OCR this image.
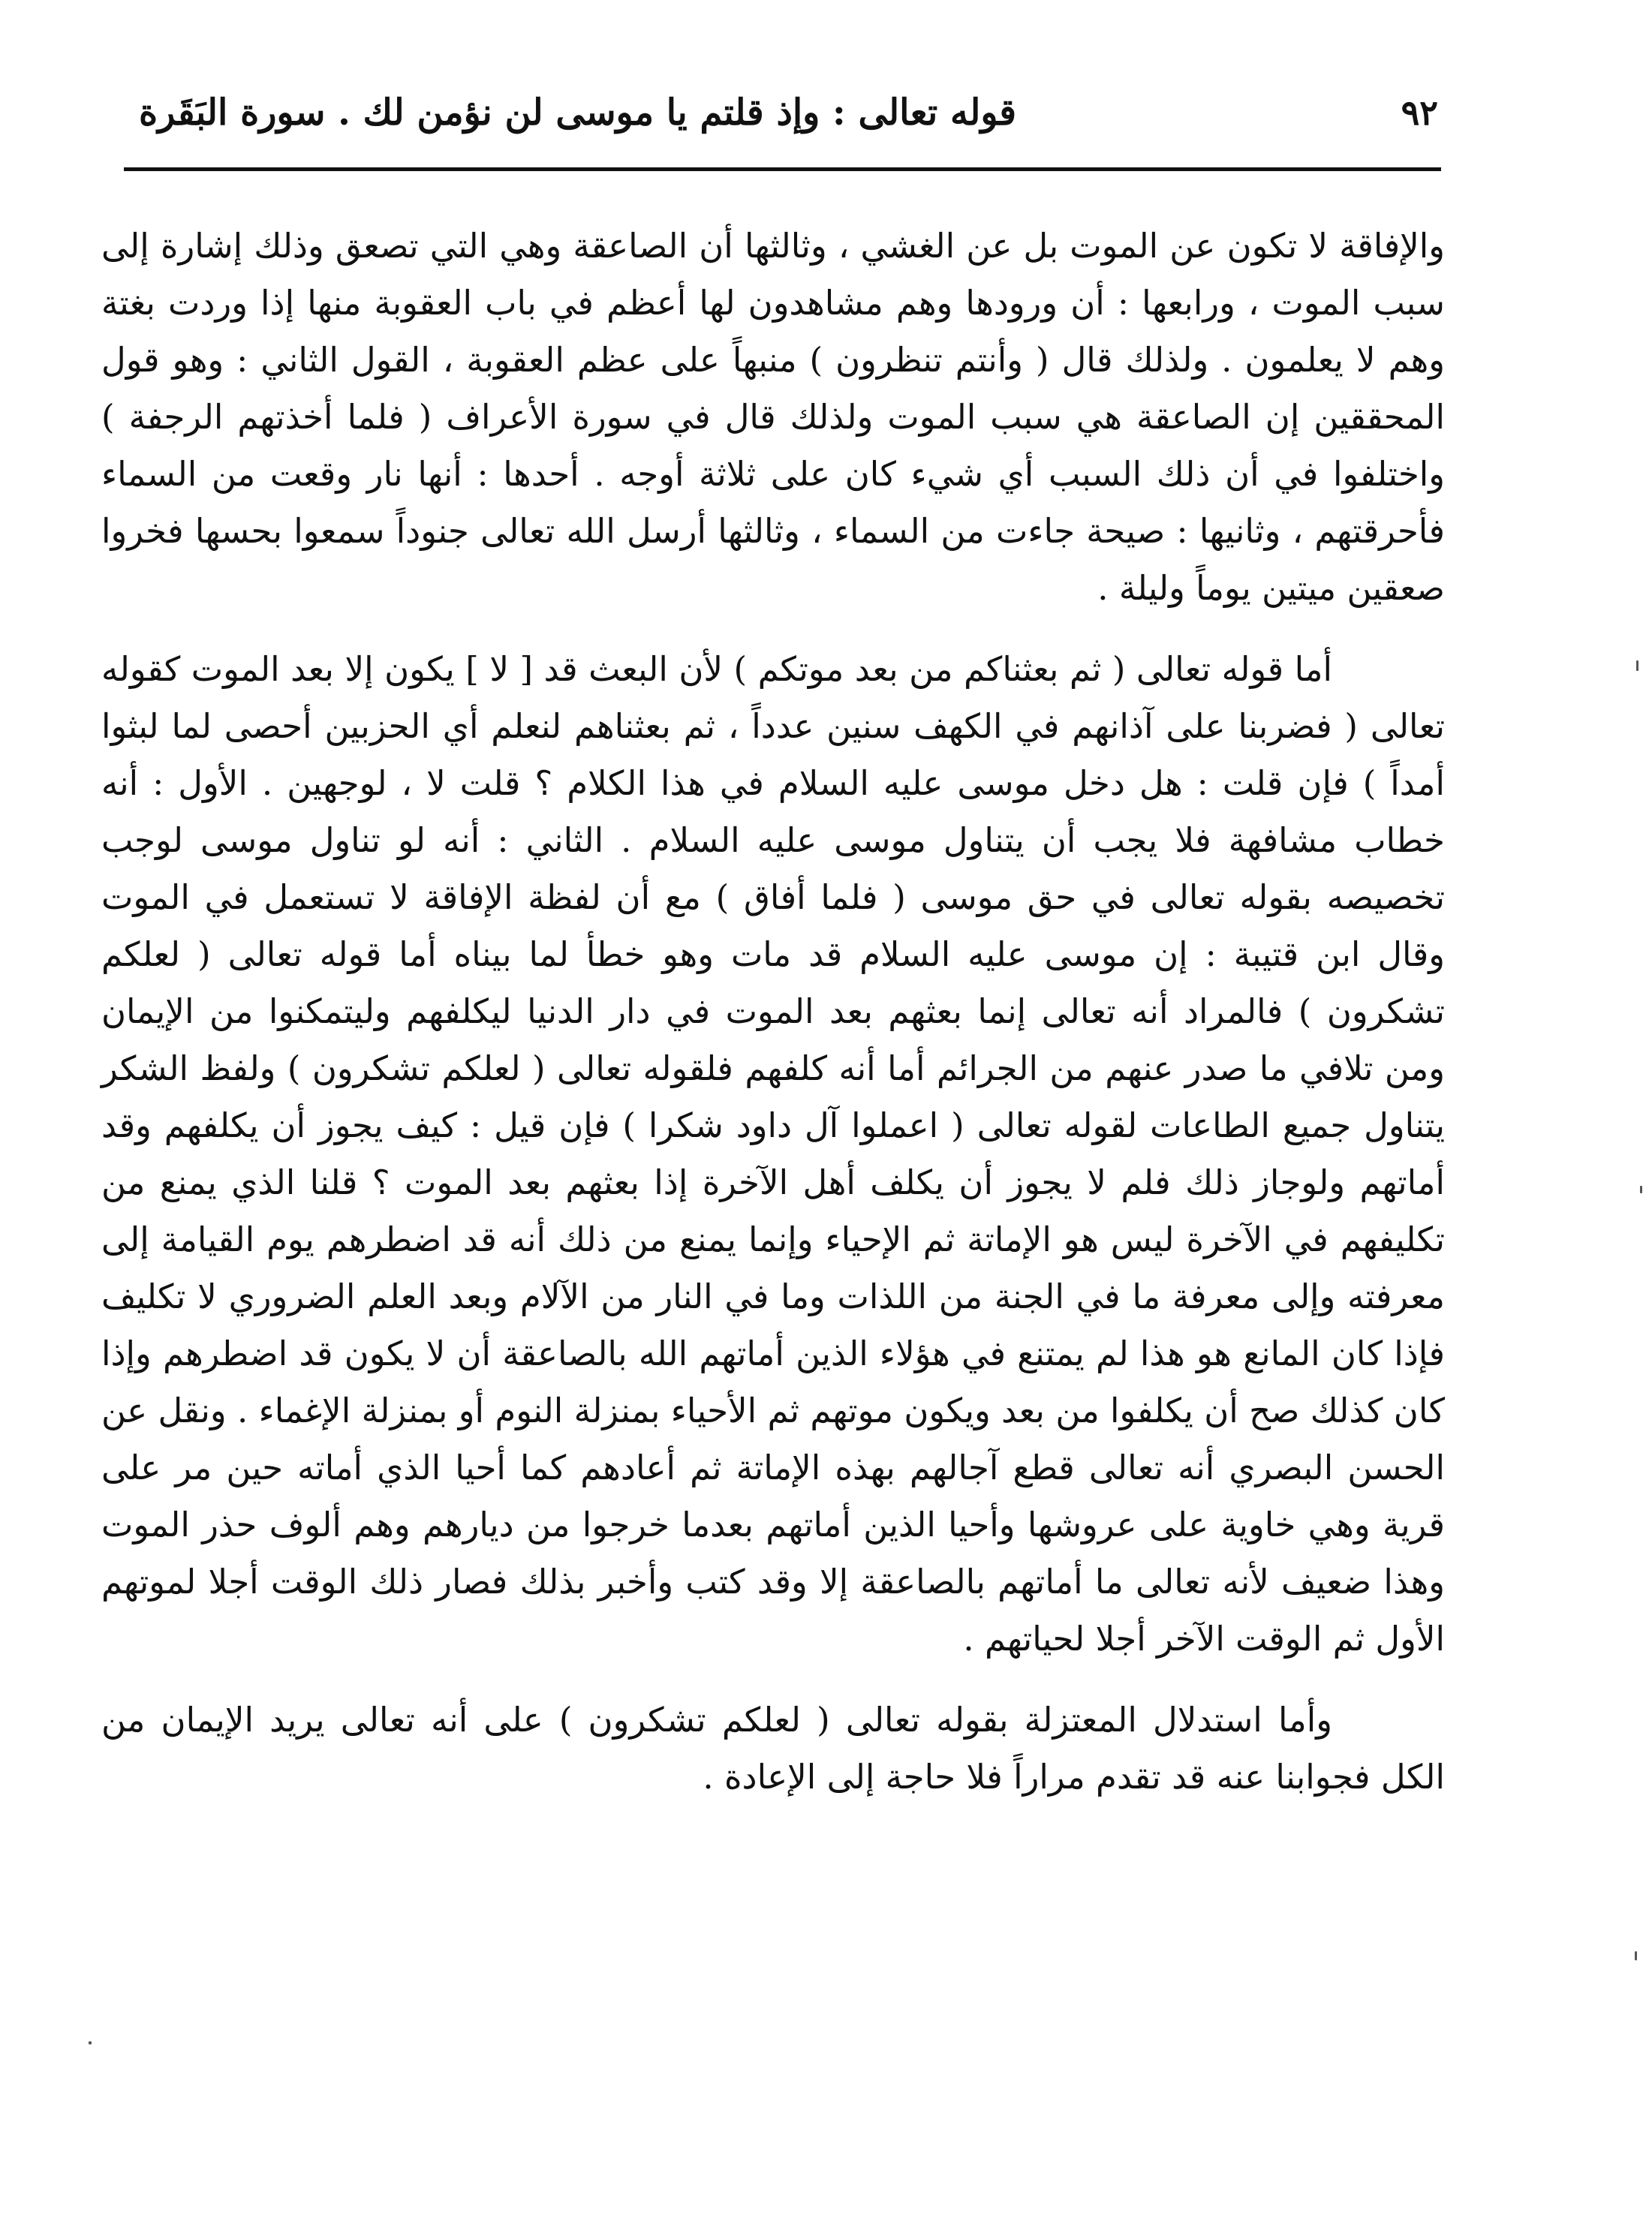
٩٢
قوله تعالى : وإذ قلتم يا موسى لن نؤمن لك . سورة البَقَرة

والإفاقة لا تكون عن الموت بل عن الغشي ، وثالثها أن الصاعقة وهي التي تصعق وذلك إشارة إلى سبب الموت ، ورابعها : أن ورودها وهم مشاهدون لها أعظم في باب العقوبة منها إذا وردت بغتة وهم لا يعلمون . ولذلك قال ( وأنتم تنظرون ) منبهاً على عظم العقوبة ، القول الثاني : وهو قول المحققين إن الصاعقة هي سبب الموت ولذلك قال في سورة الأعراف ( فلما أخذتهم الرجفة ) واختلفوا في أن ذلك السبب أي شيء كان على ثلاثة أوجه . أحدها : أنها نار وقعت من السماء فأحرقتهم ، وثانيها : صيحة جاءت من السماء ، وثالثها أرسل الله تعالى جنوداً سمعوا بحسها فخروا صعقين ميتين يوماً وليلة .

أما قوله تعالى ( ثم بعثناكم من بعد موتكم ) لأن البعث قد [ لا ] يكون إلا بعد الموت كقوله تعالى ( فضربنا على آذانهم في الكهف سنين عدداً ، ثم بعثناهم لنعلم أي الحزبين أحصى لما لبثوا أمداً ) فإن قلت : هل دخل موسى عليه السلام في هذا الكلام ؟ قلت لا ، لوجهين . الأول : أنه خطاب مشافهة فلا يجب أن يتناول موسى عليه السلام . الثاني : أنه لو تناول موسى لوجب تخصيصه بقوله تعالى في حق موسى ( فلما أفاق ) مع أن لفظة الإفاقة لا تستعمل في الموت وقال ابن قتيبة : إن موسى عليه السلام قد مات وهو خطأ لما بيناه أما قوله تعالى ( لعلكم تشكرون ) فالمراد أنه تعالى إنما بعثهم بعد الموت في دار الدنيا ليكلفهم وليتمكنوا من الإيمان ومن تلافي ما صدر عنهم من الجرائم أما أنه كلفهم فلقوله تعالى ( لعلكم تشكرون ) ولفظ الشكر يتناول جميع الطاعات لقوله تعالى ( اعملوا آل داود شكرا ) فإن قيل : كيف يجوز أن يكلفهم وقد أماتهم ولوجاز ذلك فلم لا يجوز أن يكلف أهل الآخرة إذا بعثهم بعد الموت ؟ قلنا الذي يمنع من تكليفهم في الآخرة ليس هو الإماتة ثم الإحياء وإنما يمنع من ذلك أنه قد اضطرهم يوم القيامة إلى معرفته وإلى معرفة ما في الجنة من اللذات وما في النار من الآلام وبعد العلم الضروري لا تكليف فإذا كان المانع هو هذا لم يمتنع في هؤلاء الذين أماتهم الله بالصاعقة أن لا يكون قد اضطرهم وإذا كان كذلك صح أن يكلفوا من بعد ويكون موتهم ثم الأحياء بمنزلة النوم أو بمنزلة الإغماء . ونقل عن الحسن البصري أنه تعالى قطع آجالهم بهذه الإماتة ثم أعادهم كما أحيا الذي أماته حين مر على قرية وهي خاوية على عروشها وأحيا الذين أماتهم بعدما خرجوا من ديارهم وهم ألوف حذر الموت وهذا ضعيف لأنه تعالى ما أماتهم بالصاعقة إلا وقد كتب وأخبر بذلك فصار ذلك الوقت أجلا لموتهم الأول ثم الوقت الآخر أجلا لحياتهم .

وأما استدلال المعتزلة بقوله تعالى ( لعلكم تشكرون ) على أنه تعالى يريد الإيمان من الكل فجوابنا عنه قد تقدم مراراً فلا حاجة إلى الإعادة .
